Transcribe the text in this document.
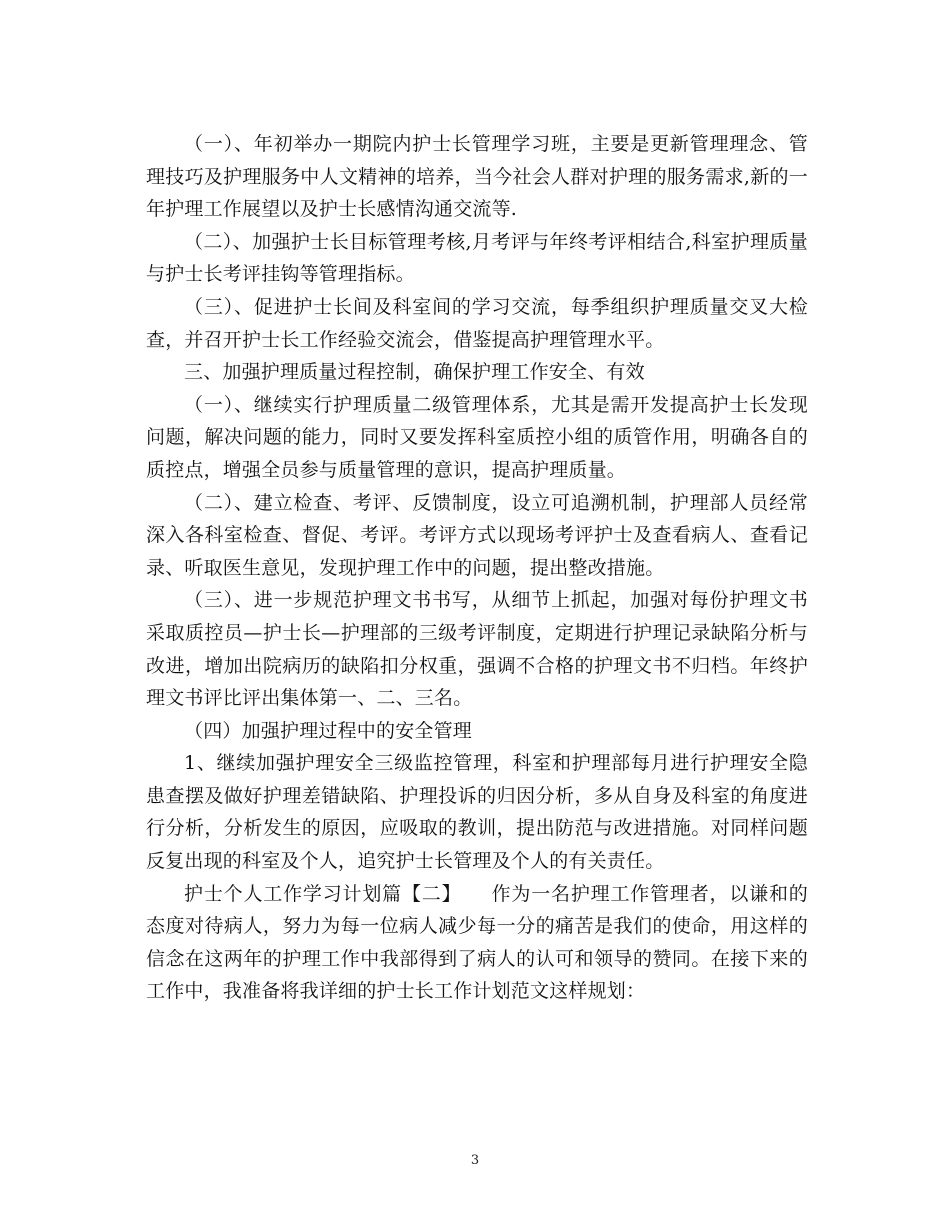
（一）、年初举办一期院内护士长管理学习班，主要是更新管理理念、管理技巧及护理服务中人文精神的培养，当今社会人群对护理的服务需求,新的一年护理工作展望以及护士长感情沟通交流等.

（二）、加强护士长目标管理考核,月考评与年终考评相结合,科室护理质量与护士长考评挂钩等管理指标。

（三）、促进护士长间及科室间的学习交流，每季组织护理质量交叉大检查，并召开护士长工作经验交流会，借鉴提高护理管理水平。

三、加强护理质量过程控制，确保护理工作安全、有效

（一）、继续实行护理质量二级管理体系，尤其是需开发提高护士长发现问题，解决问题的能力，同时又要发挥科室质控小组的质管作用，明确各自的质控点，增强全员参与质量管理的意识，提高护理质量。

（二）、建立检查、考评、反馈制度，设立可追溯机制，护理部人员经常深入各科室检查、督促、考评。考评方式以现场考评护士及查看病人、查看记录、听取医生意见，发现护理工作中的问题，提出整改措施。

（三）、进一步规范护理文书书写，从细节上抓起，加强对每份护理文书采取质控员—护士长—护理部的三级考评制度，定期进行护理记录缺陷分析与改进，增加出院病历的缺陷扣分权重，强调不合格的护理文书不归档。年终护理文书评比评出集体第一、二、三名。

（四）加强护理过程中的安全管理

1、继续加强护理安全三级监控管理，科室和护理部每月进行护理安全隐患查摆及做好护理差错缺陷、护理投诉的归因分析，多从自身及科室的角度进行分析，分析发生的原因，应吸取的教训，提出防范与改进措施。对同样问题反复出现的科室及个人，追究护士长管理及个人的有关责任。

护士个人工作学习计划篇【二】　　作为一名护理工作管理者，以谦和的态度对待病人，努力为每一位病人减少每一分的痛苦是我们的使命，用这样的信念在这两年的护理工作中我部得到了病人的认可和领导的赞同。在接下来的工作中，我准备将我详细的护士长工作计划范文这样规划：

3
